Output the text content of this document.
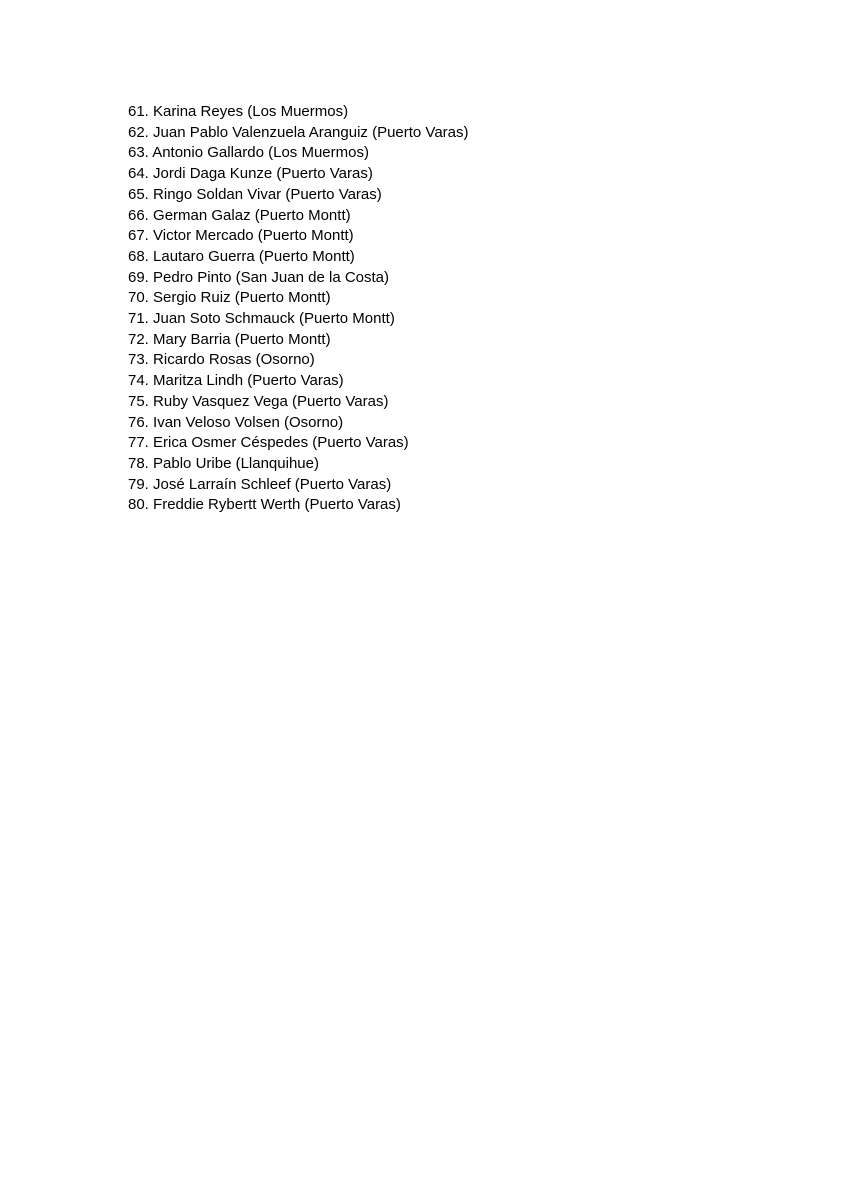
61. Karina Reyes (Los Muermos)
62. Juan Pablo Valenzuela Aranguiz (Puerto Varas)
63. Antonio Gallardo (Los Muermos)
64. Jordi Daga Kunze (Puerto Varas)
65. Ringo Soldan Vivar (Puerto Varas)
66. German Galaz (Puerto Montt)
67. Victor Mercado (Puerto Montt)
68. Lautaro Guerra (Puerto Montt)
69. Pedro Pinto (San Juan de la Costa)
70. Sergio Ruiz (Puerto Montt)
71. Juan Soto Schmauck (Puerto Montt)
72. Mary Barria (Puerto Montt)
73. Ricardo Rosas (Osorno)
74. Maritza Lindh (Puerto Varas)
75. Ruby Vasquez Vega (Puerto Varas)
76. Ivan Veloso Volsen (Osorno)
77. Erica Osmer Céspedes (Puerto Varas)
78. Pablo Uribe (Llanquihue)
79. José Larraín Schleef (Puerto Varas)
80. Freddie Rybertt Werth (Puerto Varas)
